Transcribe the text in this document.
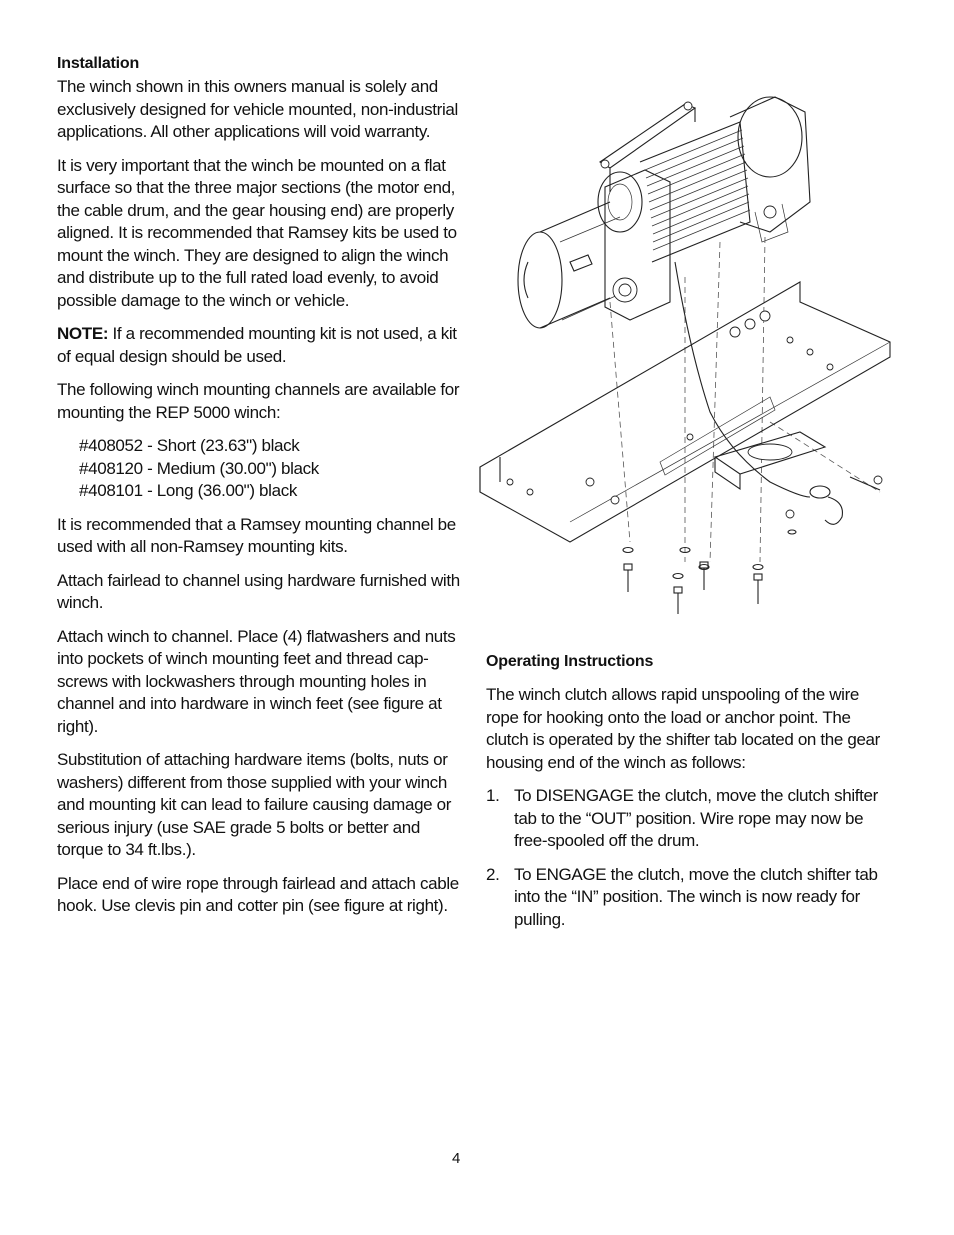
Installation

The winch shown in this owners manual is solely and exclusively designed for vehicle mounted, non-industrial applications. All other applications will void warranty.

It is very important that the winch be mounted on a flat surface so that the three major sections (the motor end, the cable drum, and the gear housing end) are properly aligned. It is recommended that Ramsey kits be used to mount the winch. They are designed to align the winch and distribute up to the full rated load evenly, to avoid possible damage to the winch or vehicle.

NOTE: If a recommended mounting kit is not used, a kit of equal design should be used.

The following winch mounting channels are available for mounting the REP 5000 winch:

#408052 - Short (23.63") black
#408120 - Medium (30.00") black
#408101 - Long (36.00") black

It is recommended that a Ramsey mounting channel be used with all non-Ramsey mounting kits.

Attach fairlead to channel using hardware furnished with winch.

Attach winch to channel. Place (4) flatwashers and nuts into pockets of winch mounting feet and thread cap-screws with lockwashers through mounting holes in channel and into hardware in winch feet (see figure at right).

Substitution of attaching hardware items (bolts, nuts or washers) different from those supplied with your winch and mounting kit can lead to failure causing damage or serious injury (use SAE grade 5 bolts or better and torque to 34 ft.lbs.).

Place end of wire rope through fairlead and attach cable hook. Use clevis pin and cotter pin (see figure at right).

Operating Instructions

The winch clutch allows rapid unspooling of the wire rope for hooking onto the load or anchor point. The clutch is operated by the shifter tab located on the gear housing end of the winch as follows:

1. To DISENGAGE the clutch, move the clutch shifter tab to the “OUT” position. Wire rope may now be free-spooled off the drum.
2. To ENGAGE the clutch, move the clutch shifter tab into the “IN” position. The winch is now ready for pulling.
4
